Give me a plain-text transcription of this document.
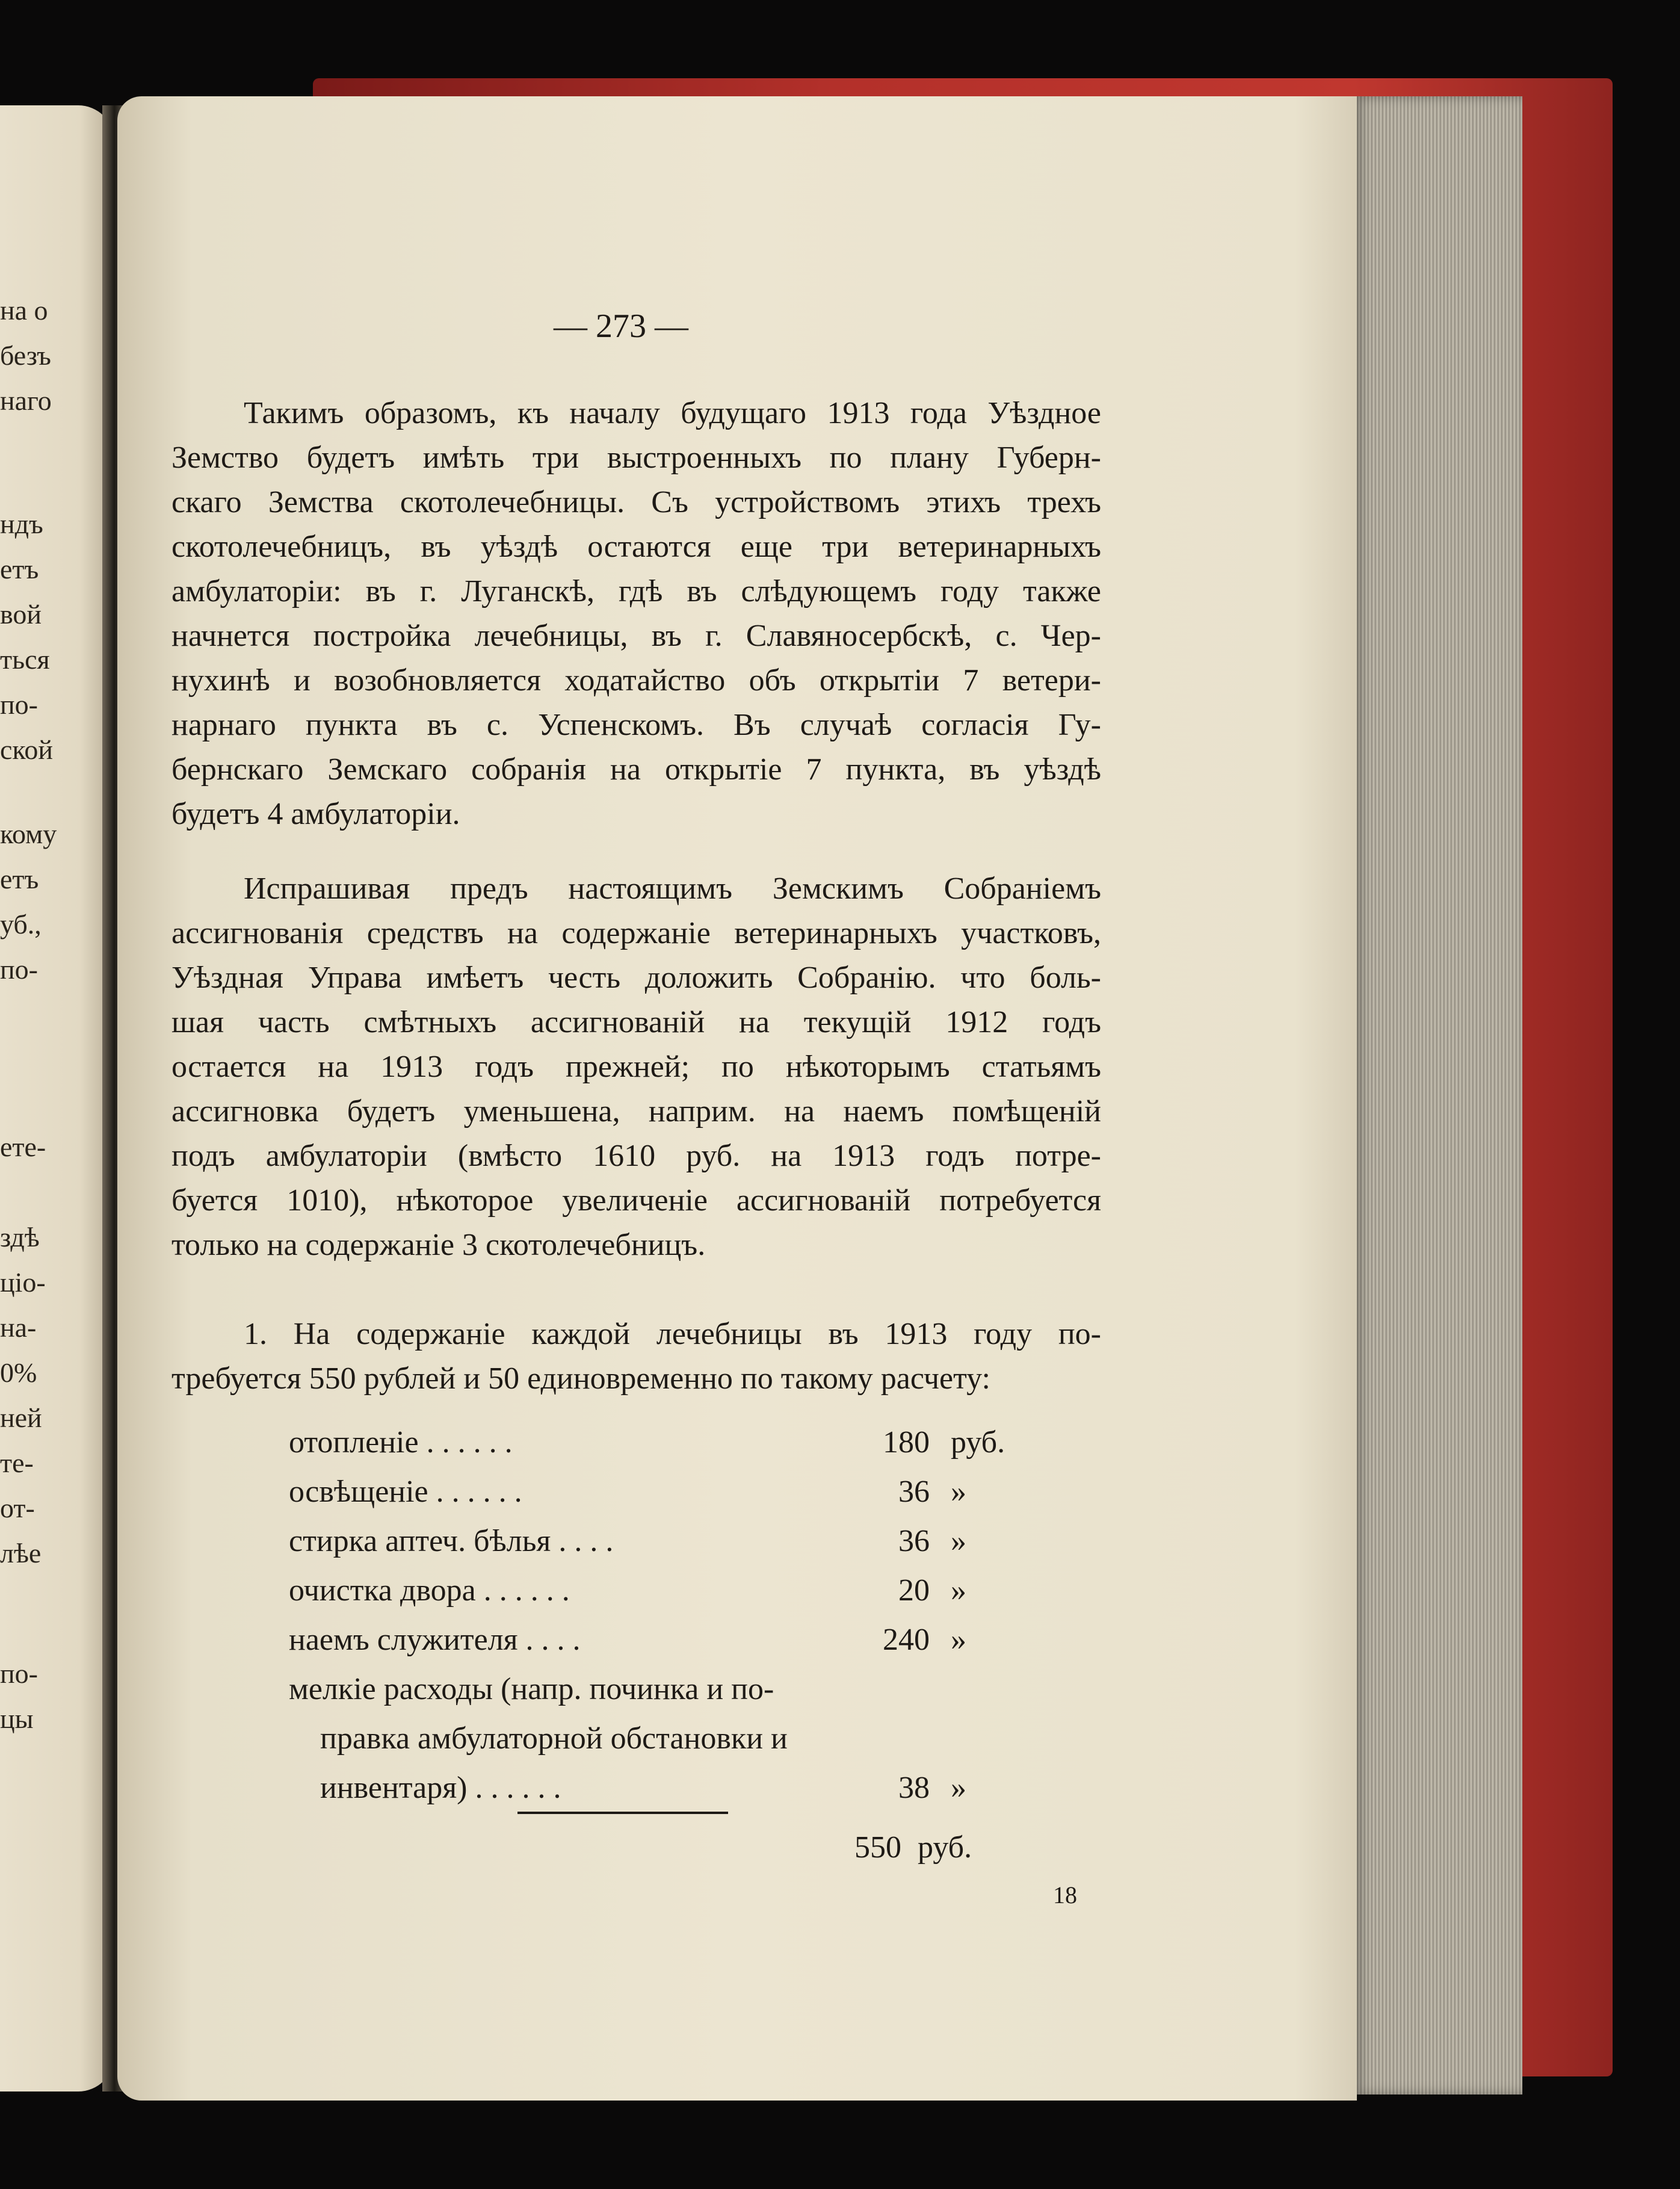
на о
безъ
наго
ндъ
етъ
вой
ться
по-
ской
кому
етъ
уб.,
по-
ете-
здѣ
ціо-
на-
0%
ней
те-
от-
лѣе
по-
цы
— 273 —
Такимъ образомъ, къ началу будущаго 1913 года Уѣздное
Земство будетъ имѣть три выстроенныхъ по плану Губерн-
скаго Земства скотолечебницы. Съ устройствомъ этихъ трехъ
скотолечебницъ, въ уѣздѣ остаются еще три ветеринарныхъ
амбулаторіи: въ г. Луганскѣ, гдѣ въ слѣдующемъ году также
начнется постройка лечебницы, въ г. Славяносербскѣ, с. Чер-
нухинѣ и возобновляется ходатайство объ открытіи 7 ветери-
нарнаго пункта въ с. Успенскомъ. Въ случаѣ согласія Гу-
бернскаго Земскаго собранія на открытіе 7 пункта, въ уѣздѣ
будетъ 4 амбулаторіи.
Испрашивая предъ настоящимъ Земскимъ Собраніемъ
ассигнованія средствъ на содержаніе ветеринарныхъ участковъ,
Уѣздная Управа имѣетъ честь доложить Собранію. что боль-
шая часть смѣтныхъ ассигнованій на текущій 1912 годъ
остается на 1913 годъ прежней; по нѣкоторымъ статьямъ
ассигновка будетъ уменьшена, наприм. на наемъ помѣщеній
подъ амбулаторіи (вмѣсто 1610 руб. на 1913 годъ потре-
буется 1010), нѣкоторое увеличеніе ассигнованій потребуется
только на содержаніе 3 скотолечебницъ.
1. На содержаніе каждой лечебницы въ 1913 году по-
требуется 550 рублей и 50 единовременно по такому расчету:
отопленіе . . . . . .	180 руб.
освѣщеніе . . . . . .	36 »
стирка аптеч. бѣлья . . . .	36 »
очистка двора . . . . . .	20 »
наемъ служителя . . . .	240 »
мелкіе расходы (напр. починка и по-
правка амбулаторной обстановки и
инвентаря) . . . . . .	38 »
550 руб.
18
